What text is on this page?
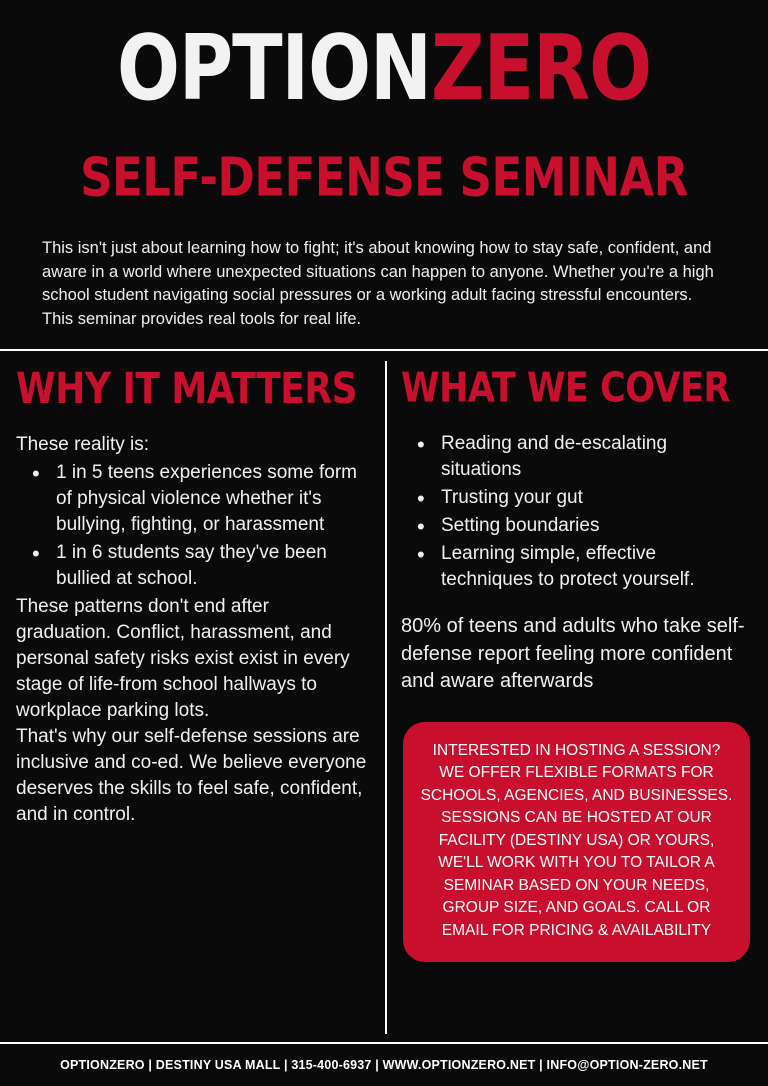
OPTIONZERO
SELF-DEFENSE SEMINAR

This isn't just about learning how to fight; it's about knowing how to stay safe, confident, and aware in a world where unexpected situations can happen to anyone. Whether you're a high school student navigating social pressures or a working adult facing stressful encounters. This seminar provides real tools for real life.

WHY IT MATTERS
These reality is:
• 1 in 5 teens experiences some form of physical violence whether it's bullying, fighting, or harassment
• 1 in 6 students say they've been bullied at school.
These patterns don't end after graduation. Conflict, harassment, and personal safety risks exist exist in every stage of life-from school hallways to workplace parking lots.
That's why our self-defense sessions are inclusive and co-ed. We believe everyone deserves the skills to feel safe, confident, and in control.
WHAT WE COVER
• Reading and de-escalating situations
• Trusting your gut
• Setting boundaries
• Learning simple, effective techniques to protect yourself.
80% of teens and adults who take self-defense report feeling more confident and aware afterwards

INTERESTED IN HOSTING A SESSION? WE OFFER FLEXIBLE FORMATS FOR SCHOOLS, AGENCIES, AND BUSINESSES. SESSIONS CAN BE HOSTED AT OUR FACILITY (DESTINY USA) OR YOURS, WE'LL WORK WITH YOU TO TAILOR A SEMINAR BASED ON YOUR NEEDS, GROUP SIZE, AND GOALS. CALL OR EMAIL FOR PRICING & AVAILABILITY

OPTIONZERO | DESTINY USA MALL | 315-400-6937 | WWW.OPTIONZERO.NET | INFO@OPTION-ZERO.NET
